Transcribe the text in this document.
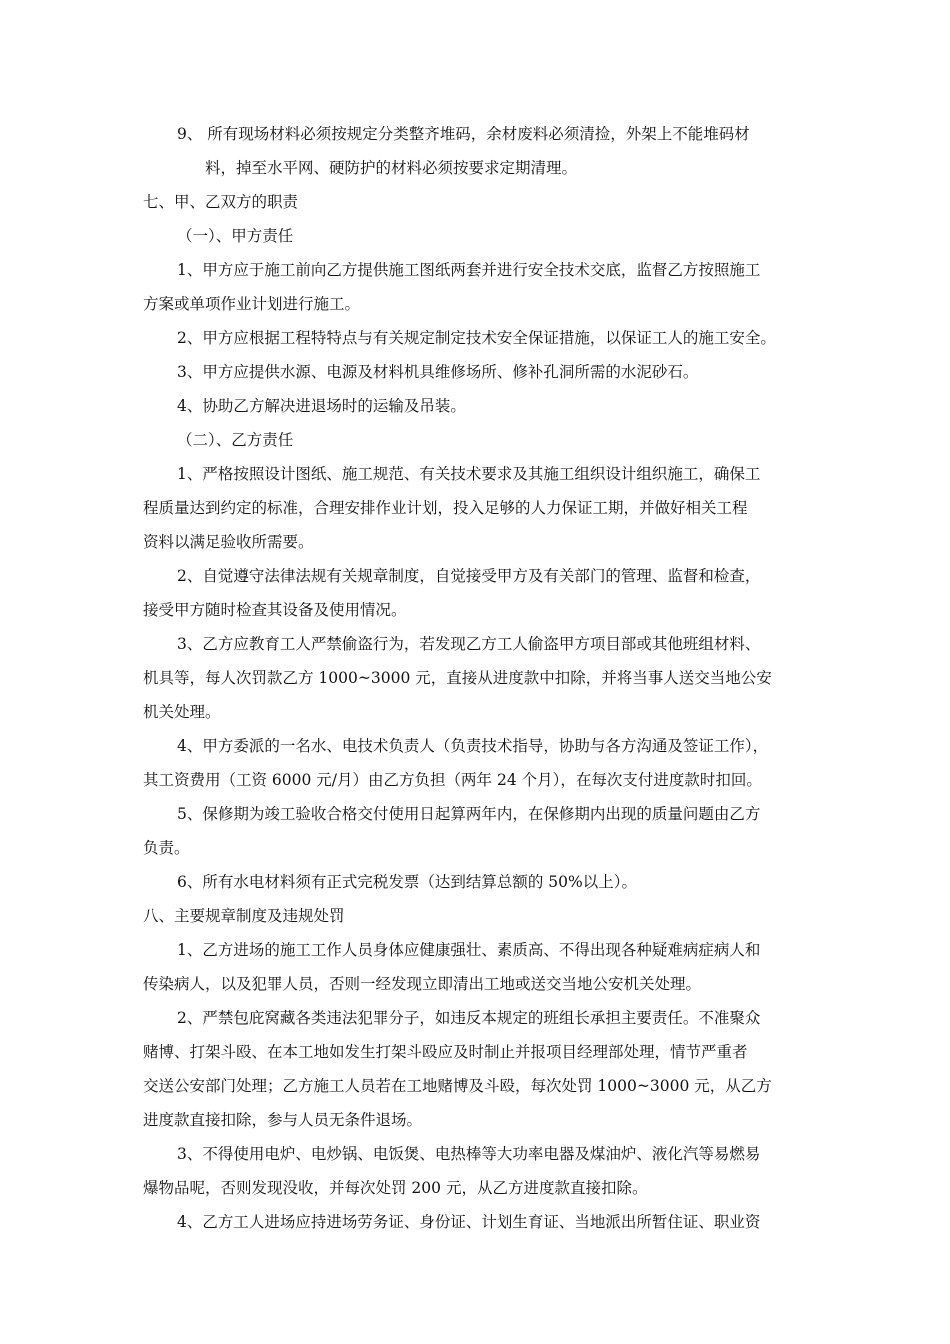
9、 所有现场材料必须按规定分类整齐堆码，余材废料必须清捡，外架上不能堆码材
料，掉至水平网、硬防护的材料必须按要求定期清理。
七、甲、乙双方的职责
（一）、甲方责任
1、甲方应于施工前向乙方提供施工图纸两套并进行安全技术交底，监督乙方按照施工
方案或单项作业计划进行施工。
2、甲方应根据工程特特点与有关规定制定技术安全保证措施，以保证工人的施工安全。
3、甲方应提供水源、电源及材料机具维修场所、修补孔洞所需的水泥砂石。
4、协助乙方解决进退场时的运输及吊装。
（二）、乙方责任
1、严格按照设计图纸、施工规范、有关技术要求及其施工组织设计组织施工，确保工
程质量达到约定的标准，合理安排作业计划，投入足够的人力保证工期，并做好相关工程
资料以满足验收所需要。
2、自觉遵守法律法规有关规章制度，自觉接受甲方及有关部门的管理、监督和检查，
接受甲方随时检查其设备及使用情况。
3、乙方应教育工人严禁偷盗行为，若发现乙方工人偷盗甲方项目部或其他班组材料、
机具等，每人次罚款乙方 1000~3000 元，直接从进度款中扣除，并将当事人送交当地公安
机关处理。
4、甲方委派的一名水、电技术负责人（负责技术指导，协助与各方沟通及签证工作），
其工资费用（工资 6000 元/月）由乙方负担（两年 24 个月），在每次支付进度款时扣回。
5、保修期为竣工验收合格交付使用日起算两年内，在保修期内出现的质量问题由乙方
负责。
6、所有水电材料须有正式完税发票（达到结算总额的 50%以上）。
八、主要规章制度及违规处罚
1、乙方进场的施工工作人员身体应健康强壮、素质高、不得出现各种疑难病症病人和
传染病人，以及犯罪人员，否则一经发现立即清出工地或送交当地公安机关处理。
2、严禁包庇窝藏各类违法犯罪分子，如违反本规定的班组长承担主要责任。不准聚众
赌博、打架斗殴、在本工地如发生打架斗殴应及时制止并报项目经理部处理，情节严重者
交送公安部门处理；乙方施工人员若在工地赌博及斗殴，每次处罚 1000~3000 元，从乙方
进度款直接扣除，参与人员无条件退场。
3、不得使用电炉、电炒锅、电饭煲、电热棒等大功率电器及煤油炉、液化汽等易燃易
爆物品呢，否则发现没收，并每次处罚 200 元，从乙方进度款直接扣除。
4、乙方工人进场应持进场劳务证、身份证、计划生育证、当地派出所暂住证、职业资
